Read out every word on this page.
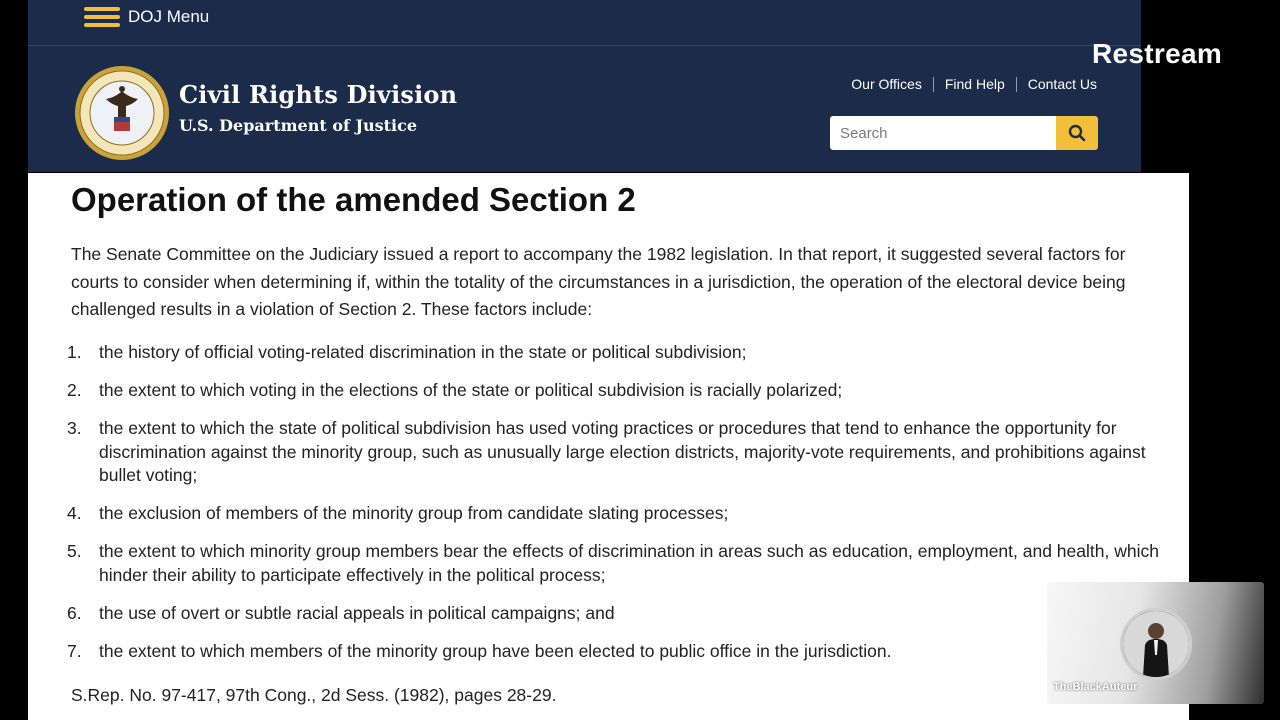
DOJ Menu
Civil Rights Division
U.S. Department of Justice
Our Offices	Find Help	Contact Us
Search
Restream
Operation of the amended Section 2

The Senate Committee on the Judiciary issued a report to accompany the 1982 legislation. In that report, it suggested several factors for courts to consider when determining if, within the totality of the circumstances in a jurisdiction, the operation of the electoral device being challenged results in a violation of Section 2. These factors include:

1. the history of official voting-related discrimination in the state or political subdivision;
2. the extent to which voting in the elections of the state or political subdivision is racially polarized;
3. the extent to which the state of political subdivision has used voting practices or procedures that tend to enhance the opportunity for discrimination against the minority group, such as unusually large election districts, majority-vote requirements, and prohibitions against bullet voting;
4. the exclusion of members of the minority group from candidate slating processes;
5. the extent to which minority group members bear the effects of discrimination in areas such as education, employment, and health, which hinder their ability to participate effectively in the political process;
6. the use of overt or subtle racial appeals in political campaigns; and
7. the extent to which members of the minority group have been elected to public office in the jurisdiction.

S.Rep. No. 97-417, 97th Cong., 2d Sess. (1982), pages 28-29.	TheBlackAuteur
